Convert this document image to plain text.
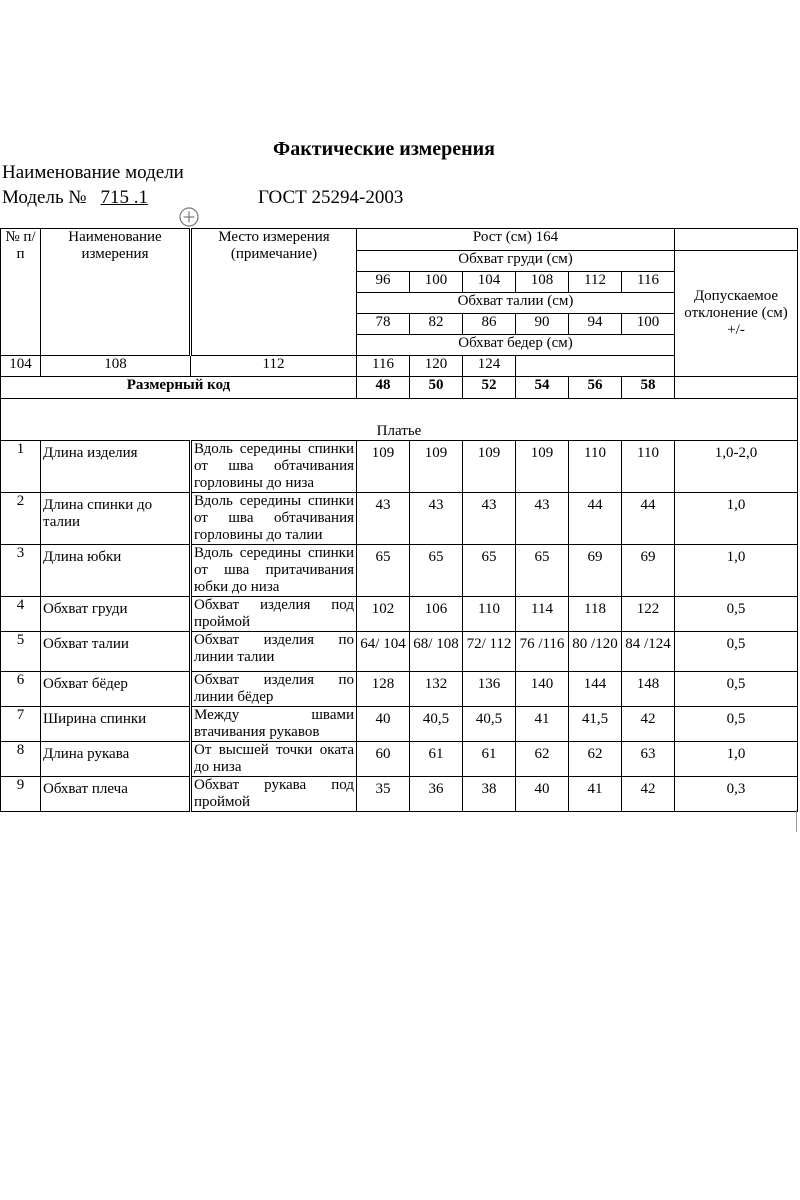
Фактические измерения
Наименование модели
Модель № 715 .1	ГОСТ 25294-2003
№ п/п	Наименование измерения	Место измерения (примечание)	Рост (см) 164						
			Обхват груди (см)						Допускаемое отклонение (см) +/-
			96	100	104	108	112	116	
			Обхват талии (см)						
			78	82	86	90	94	100	
			Обхват бедер (см)						
104	108	112	116	120	124				
Размерный код			48	50	52	54	56	58	
Платье									
1	Длина изделия	Вдоль середины спинки от шва обтачивания горловины до низа	109	109	109	109	110	110	1,0-2,0
2	Длина спинки до талии	Вдоль середины спинки от шва обтачивания горловины до талии	43	43	43	43	44	44	1,0
3	Длина юбки	Вдоль середины спинки от шва притачивания юбки до низа	65	65	65	65	69	69	1,0
4	Обхват груди	Обхват изделия под проймой	102	106	110	114	118	122	0,5
5	Обхват талии	Обхват изделия по линии талии	64/ 104	68/ 108	72/ 112	76 /116	80 /120	84 /124	0,5
6	Обхват бёдер	Обхват изделия по линии бёдер	128	132	136	140	144	148	0,5
7	Ширина спинки	Между швами втачивания рукавов	40	40,5	40,5	41	41,5	42	0,5
8	Длина рукава	От высшей точки оката до низа	60	61	61	62	62	63	1,0
9	Обхват плеча	Обхват рукава под проймой	35	36	38	40	41	42	0,3
